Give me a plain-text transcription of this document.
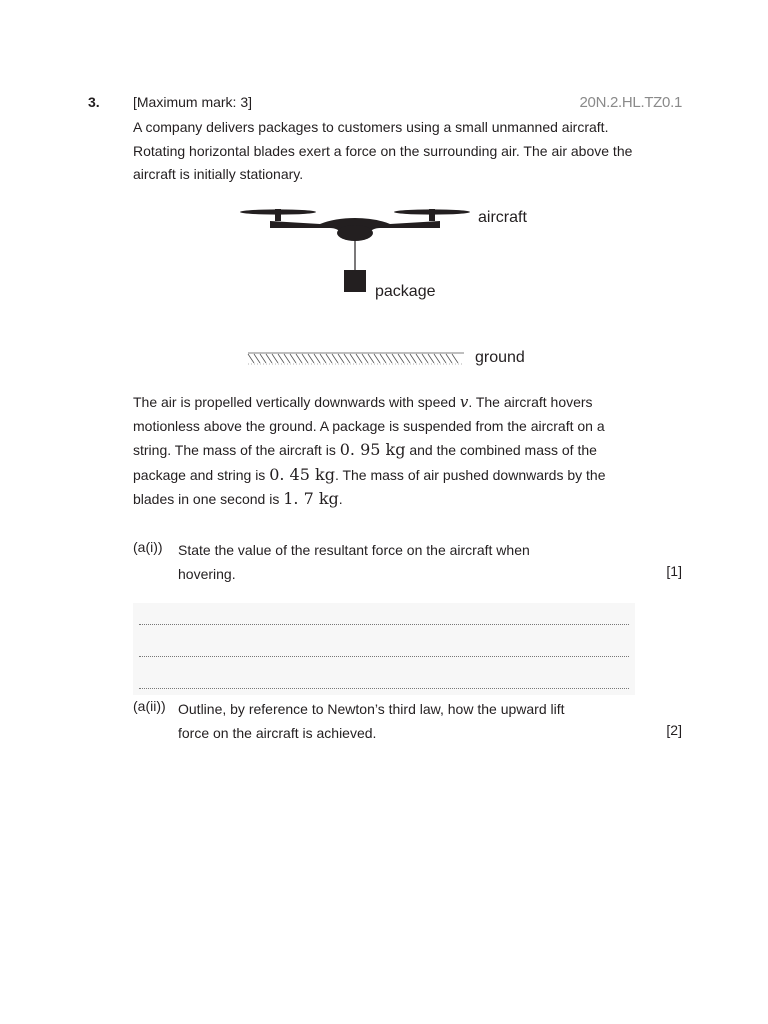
3. [Maximum mark: 3]	20N.2.HL.TZ0.1
A company delivers packages to customers using a small unmanned aircraft.
Rotating horizontal blades exert a force on the surrounding air. The air above the
aircraft is initially stationary.
aircraft
package
ground
The air is propelled vertically downwards with speed v. The aircraft hovers
motionless above the ground. A package is suspended from the aircraft on a
string. The mass of the aircraft is 0. 95 kg and the combined mass of the
package and string is 0. 45 kg. The mass of air pushed downwards by the
blades in one second is 1. 7 kg.
(a(i)) State the value of the resultant force on the aircraft when
hovering.	[1]
(a(ii)) Outline, by reference to Newton’s third law, how the upward lift
force on the aircraft is achieved.	[2]
